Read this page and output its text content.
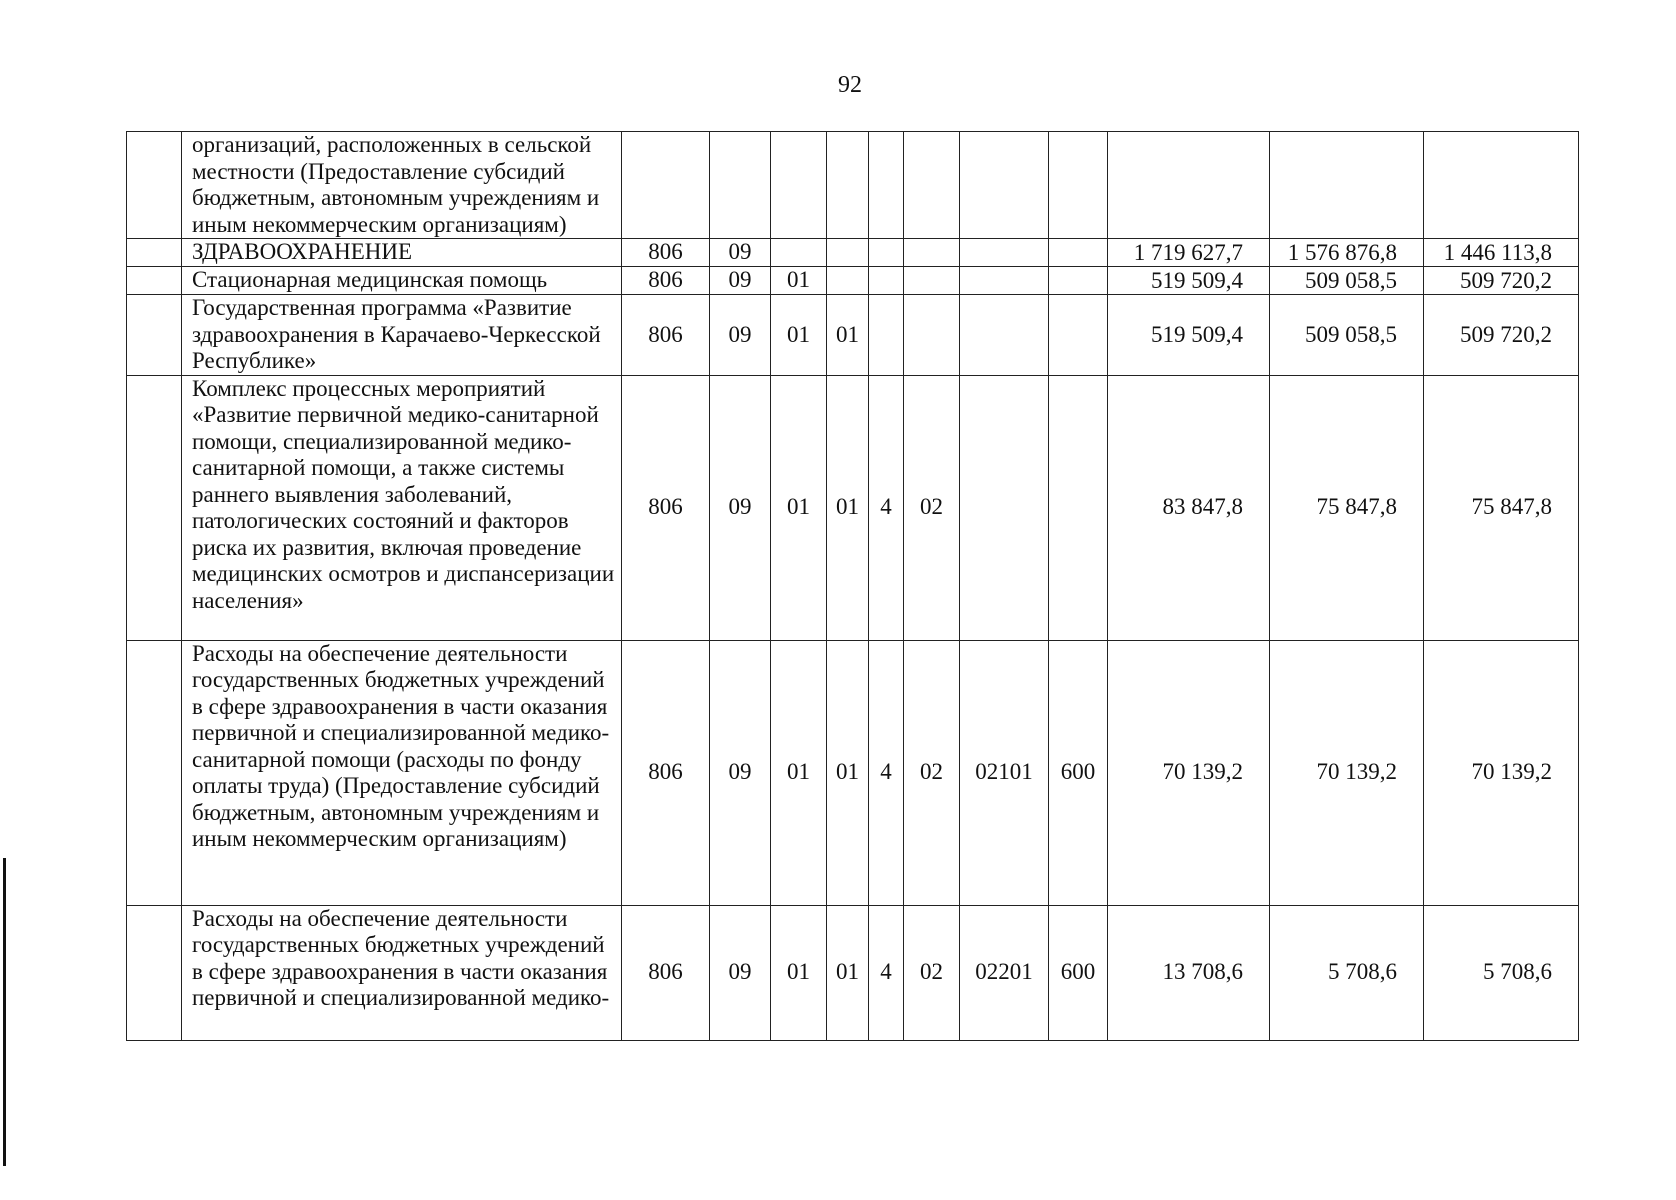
92
	организаций, расположенных в сельской местности (Предоставление субсидий бюджетным, автономным учреждениям и иным некоммерческим организациям)											
	ЗДРАВООХРАНЕНИЕ	806	09							1 719 627,7	1 576 876,8	1 446 113,8
	Стационарная медицинская помощь	806	09	01						519 509,4	509 058,5	509 720,2
	Государственная программа «Развитие здравоохранения в Карачаево-Черкесской Республике»	806	09	01	01					519 509,4	509 058,5	509 720,2
	Комплекс процессных мероприятий «Развитие первичной медико-санитарной помощи, специализированной медико-санитарной помощи, а также системы раннего выявления заболеваний, патологических состояний и факторов риска их развития, включая проведение медицинских осмотров и диспансеризации населения»	806	09	01	01	4	02			83 847,8	75 847,8	75 847,8
	Расходы на обеспечение деятельности государственных бюджетных учреждений в сфере здравоохранения в части оказания первичной и специализированной медико-санитарной помощи (расходы по фонду оплаты труда) (Предоставление субсидий бюджетным, автономным учреждениям и иным некоммерческим организациям)	806	09	01	01	4	02	02101	600	70 139,2	70 139,2	70 139,2
	Расходы на обеспечение деятельности государственных бюджетных учреждений в сфере здравоохранения в части оказания первичной и специализированной медико-	806	09	01	01	4	02	02201	600	13 708,6	5 708,6	5 708,6
